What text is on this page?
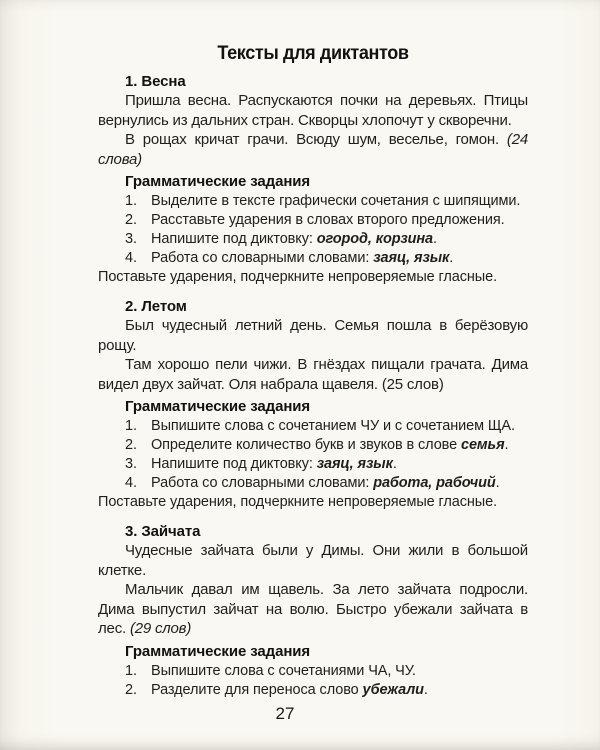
Тексты для диктантов
1. Весна

Пришла весна. Распускаются почки на деревьях. Птицы вернулись из дальних стран. Скворцы хлопочут у скворечни.

В рощах кричат грачи. Всюду шум, веселье, гомон. (24 слова)

Грамматические задания
1. Выделите в тексте графически сочетания с шипящими.
2. Расставьте ударения в словах второго предложения.
3. Напишите под диктовку: огород, корзина.
4. Работа со словарными словами: заяц, язык.

Поставьте ударения, подчеркните непроверяемые гласные.

2. Летом

Был чудесный летний день. Семья пошла в берёзовую рощу.

Там хорошо пели чижи. В гнёздах пищали грачата. Дима видел двух зайчат. Оля набрала щавеля. (25 слов)

Грамматические задания
1. Выпишите слова с сочетанием ЧУ и с сочетанием ЩА.
2. Определите количество букв и звуков в слове семья.
3. Напишите под диктовку: заяц, язык.
4. Работа со словарными словами: работа, рабочий.

Поставьте ударения, подчеркните непроверяемые гласные.

3. Зайчата

Чудесные зайчата были у Димы. Они жили в большой клетке.

Мальчик давал им щавель. За лето зайчата подросли. Дима выпустил зайчат на волю. Быстро убежали зайчата в лес. (29 слов)

Грамматические задания
1. Выпишите слова с сочетаниями ЧА, ЧУ.
2. Разделите для переноса слово убежали.
27
